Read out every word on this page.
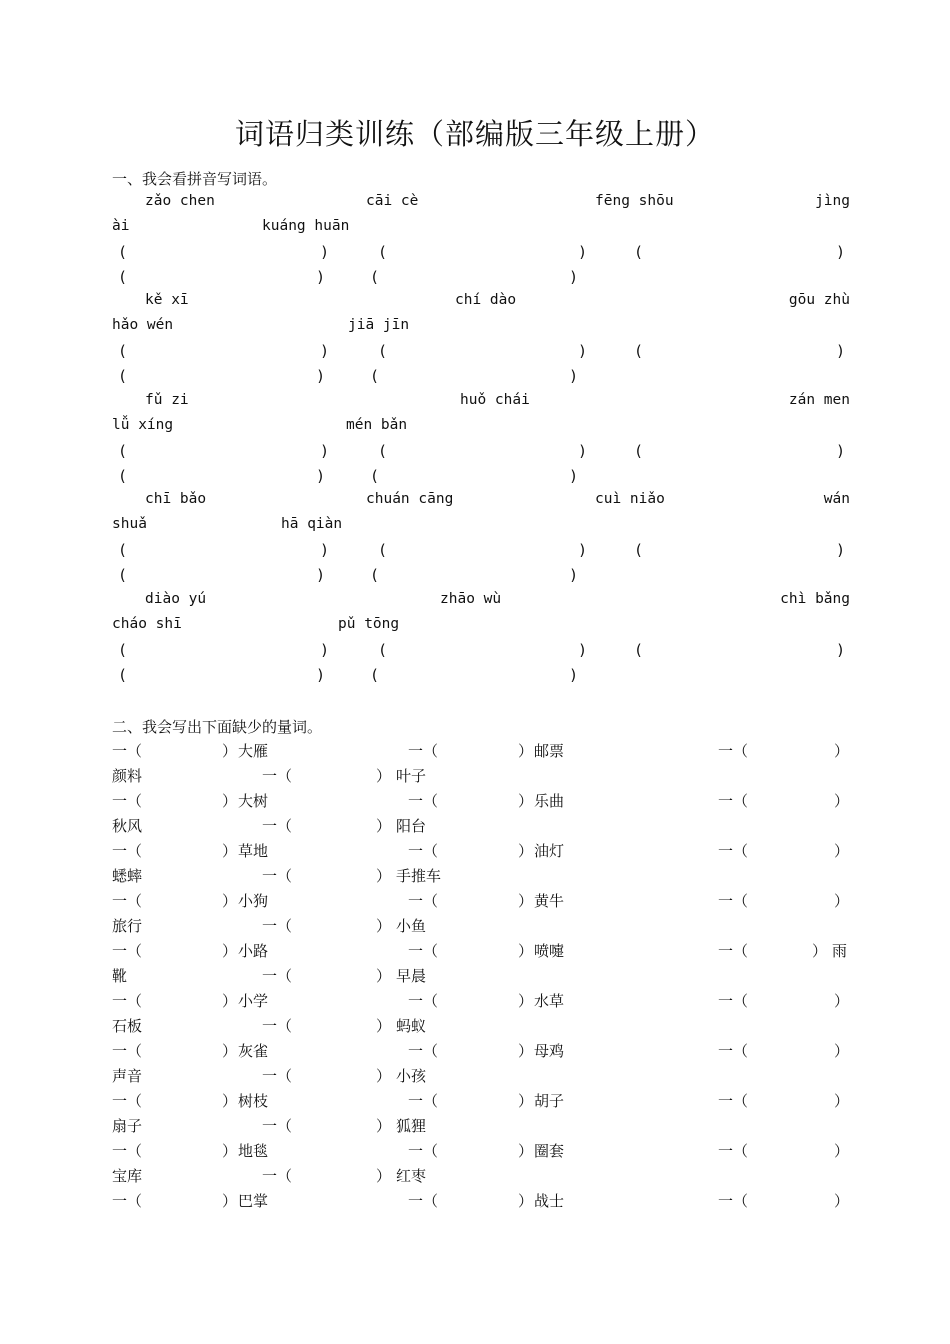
词语归类训练（部编版三年级上册）
zǎo chen	cāi cè	fēng shōu	jìng
ài	kuáng huān
(	)	(	)	(	)
(	)	(	)
kě xī	chí dào	gōu zhù
hǎo wén	jiā jīn
(	)	(	)	(	)
(	)	(	)
fǔ zi	huǒ chái	zán men
lǚ xíng	mén bǎn
(	)	(	)	(	)
(	)	(	)
chī bǎo	chuán cāng	cuì niǎo	wán
shuǎ	hā qiàn
(	)	(	)	(	)
(	)	(	)
diào yú	zhāo wù	chì bǎng
cháo shī	pǔ tōng
(	)	(	)	(	)
(	)	(	)
一（	） 大雁	一（	） 邮票	一（	）
颜料	一（	） 叶子
一（	） 大树	一（	） 乐曲	一（	）
秋风	一（	） 阳台
一（	） 草地	一（	） 油灯	一（	）
蟋蟀	一（	） 手推车
一（	） 小狗	一（	） 黄牛	一（	）
旅行	一（	） 小鱼
一（	） 小路	一（	） 喷嚏	一（	） 雨
靴	一（	） 早晨
一（	） 小学	一（	） 水草	一（	）
石板	一（	） 蚂蚁
一（	） 灰雀	一（	） 母鸡	一（	）
声音	一（	） 小孩
一（	） 树枝	一（	） 胡子	一（	）
扇子	一（	） 狐狸
一（	） 地毯	一（	） 圈套	一（	）
宝库	一（	） 红枣
一（	） 巴掌	一（	） 战士	一（	）
一、我会看拼音写词语。
二、我会写出下面缺少的量词。
